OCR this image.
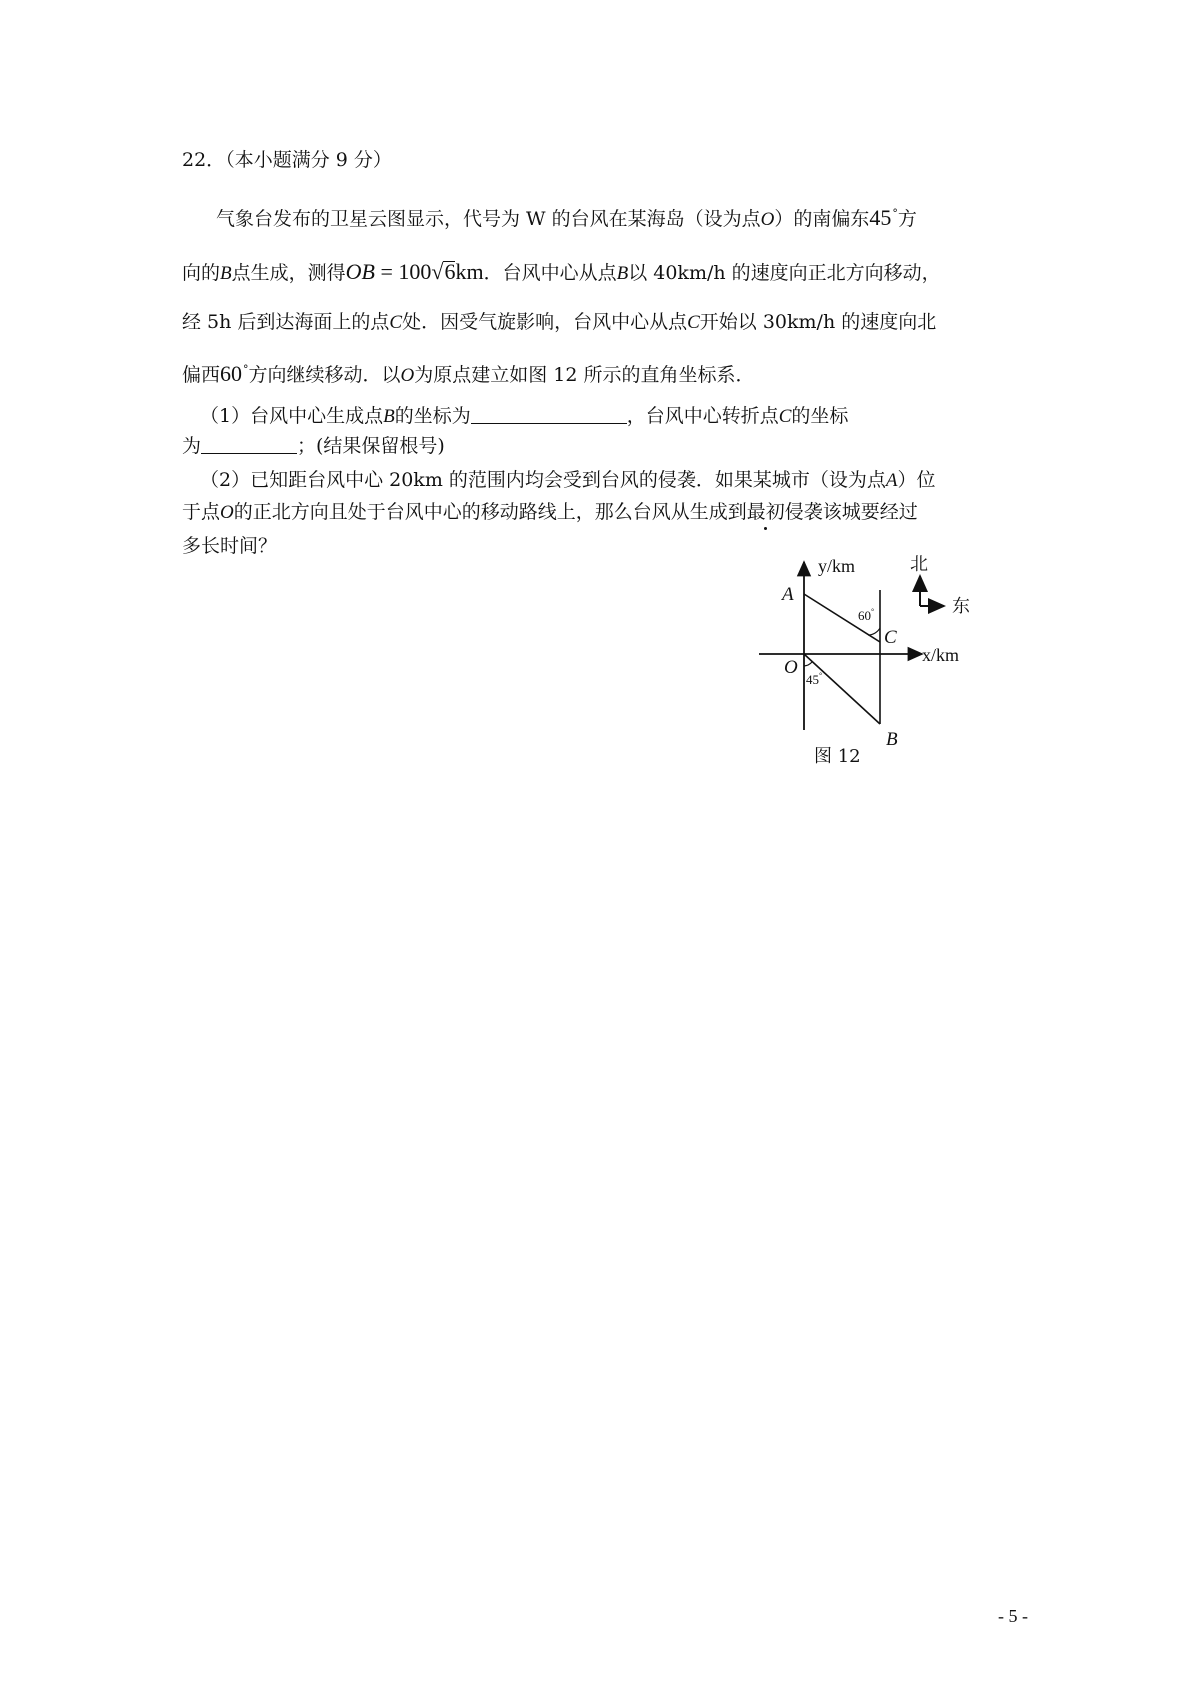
22．（本小题满分 9 分）
气象台发布的卫星云图显示，代号为 W 的台风在某海岛（设为点O）的南偏东45°方
向的B点生成，测得OB = 100√6km．台风中心从点B以 40km/h 的速度向正北方向移动，
经 5h 后到达海面上的点C处．因受气旋影响，台风中心从点C开始以 30km/h 的速度向北
偏西60°方向继续移动．以O为原点建立如图 12 所示的直角坐标系．
（1）台风中心生成点B的坐标为	，台风中心转折点C的坐标
为	；(结果保留根号)
（2）已知距台风中心 20km 的范围内均会受到台风的侵袭．如果某城市（设为点A）位
于点O的正北方向且处于台风中心的移动路线上，那么台风从生成到最初侵袭该城要经过
多长时间？
y/km
x/km
A
O
B
C
60°
45°
北
东
图 12
- 5 -
